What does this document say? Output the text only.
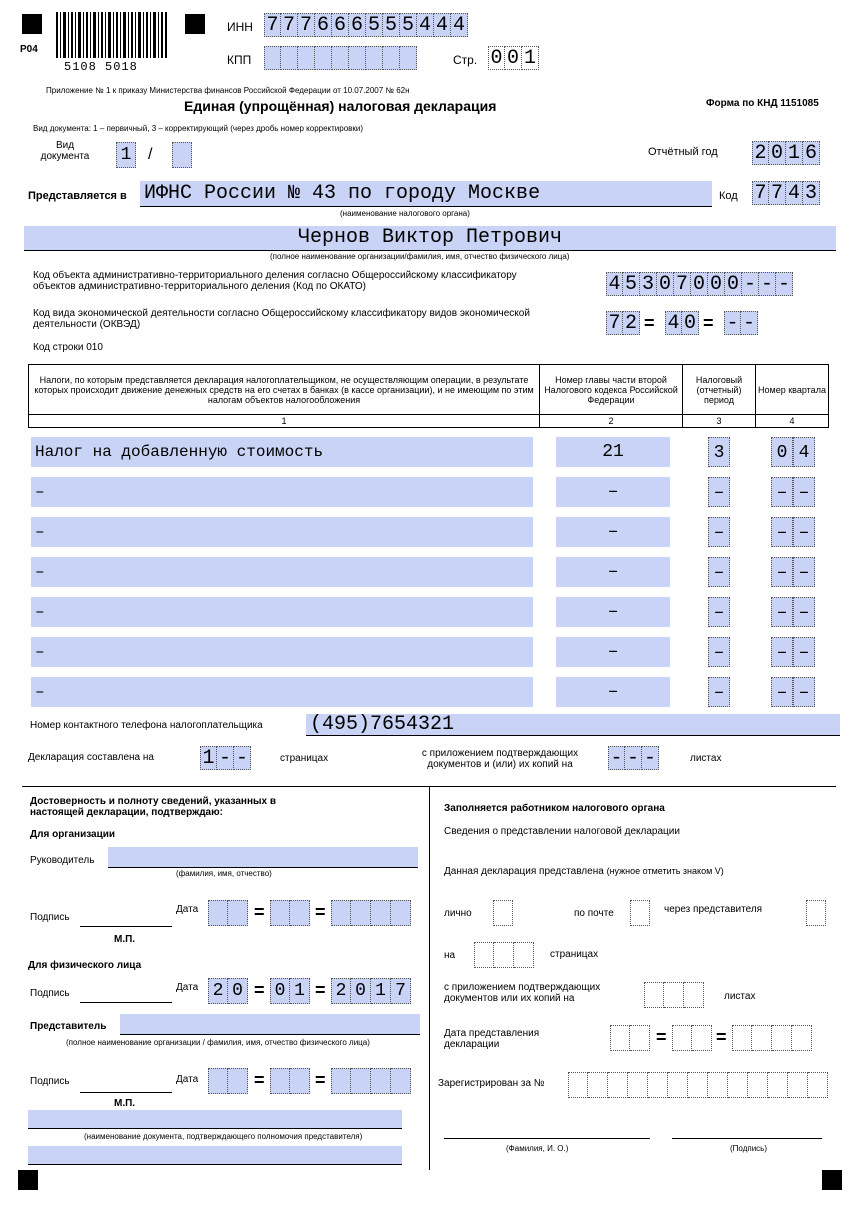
Р04
5108 5018
ИНН 7 7 7 6 6 6 5 5 5 4 4 4
КПП	Стр. 0 0 1
Приложение № 1 к приказу Министерства финансов Российской Федерации от 10.07.2007 № 62н
Единая (упрощённая) налоговая декларация	Форма по КНД 1151085
Вид документа: 1 – первичный, 3 – корректирующий (через дробь номер корректировки)
Вид документа	1 /	Отчётный год 2 0 1 6
Представляется в ИФНС России № 43 по городу Москве
(наименование налогового органа)
Код 7 7 4 3
Чернов Виктор Петрович
(полное наименование организации/фамилия, имя, отчество физического лица)
Код объекта административно-территориального деления согласно Общероссийскому классификатору объектов административно-территориального деления (Код по ОКАТО)	4 5 3 0 7 0 0 0 - - -
Код вида экономической деятельности согласно Общероссийскому классификатору видов экономической деятельности (ОКВЭД)	7 2 = 4 0 = - -
Код строки 010
Налоги, по которым представляется декларация налогоплательщиком, не осуществляющим операции, в результате которых происходит движение денежных средств на его счетах в банках (в кассе организации), и не имеющим по этим налогам объектов налогообложения	Номер главы части второй Налогового кодекса Российской Федерации	Налоговый (отчетный) период	Номер квартала
1	2	3	4
Налог на добавленную стоимость	21	3	0 4
–	–	–	– –
–	–	–	– –
–	–	–	– –
–	–	–	– –
–	–	–	– –
–	–	–	– –
Номер контактного телефона налогоплательщика (495)7654321
Декларация составлена на 1 - -	страницах	с приложением подтверждающих документов и (или) их копий на	- - -	листах
Достоверность и полноту сведений, указанных в настоящей декларации, подтверждаю:
Для организации
Руководитель
(фамилия, имя, отчество)
Подпись
Дата	=	=
М.П.
Для физического лица
Подпись
Дата 2 0 = 0 1 = 2 0 1 7
Представитель
(полное наименование организации / фамилия, имя, отчество физического лица)
Подпись	Дата	=	=
М.П.
(наименование документа, подтверждающего полномочия представителя)
Заполняется работником налогового органа
Сведения о представлении налоговой декларации
Данная декларация представлена (нужное отметить знаком V)
лично	по почте	через представителя
на	страницах
с приложением подтверждающих документов или их копий на	листах
Дата представления декларации	=	=
Зарегистрирован за №
(Фамилия, И. О.)	(Подпись)
